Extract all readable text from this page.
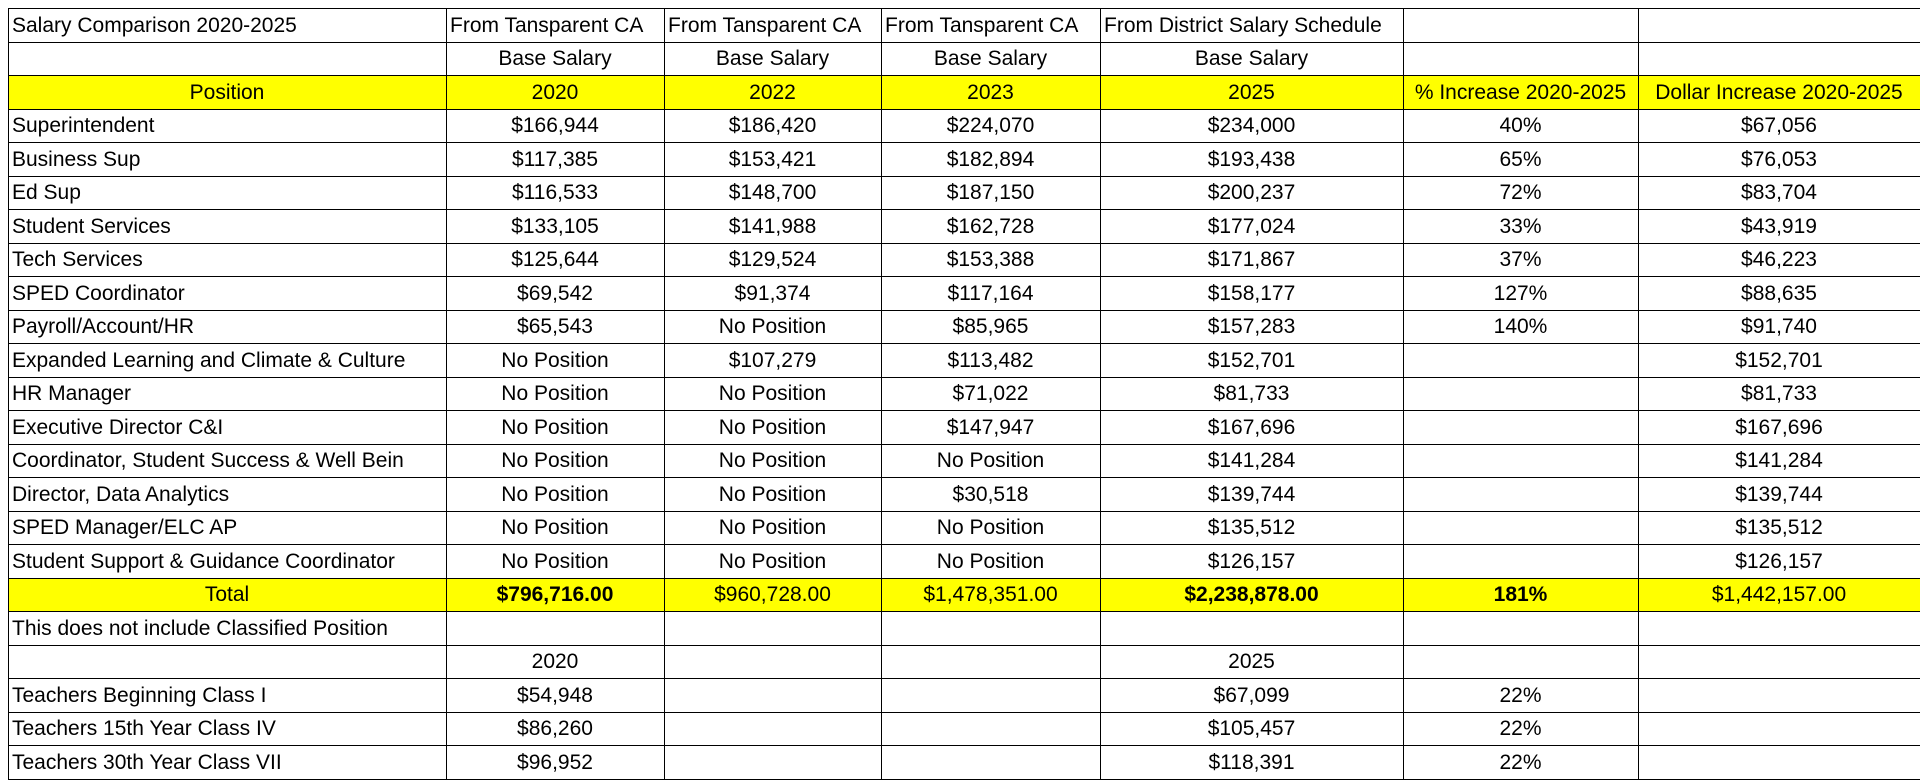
Salary Comparison 2020-2025	From Tansparent CA	From Tansparent CA	From Tansparent CA	From District Salary Schedule		
	Base Salary	Base Salary	Base Salary	Base Salary		
Position	2020	2022	2023	2025	% Increase 2020-2025	Dollar Increase 2020-2025
Superintendent	$166,944	$186,420	$224,070	$234,000	40%	$67,056
Business Sup	$117,385	$153,421	$182,894	$193,438	65%	$76,053
Ed Sup	$116,533	$148,700	$187,150	$200,237	72%	$83,704
Student Services	$133,105	$141,988	$162,728	$177,024	33%	$43,919
Tech Services	$125,644	$129,524	$153,388	$171,867	37%	$46,223
SPED Coordinator	$69,542	$91,374	$117,164	$158,177	127%	$88,635
Payroll/Account/HR	$65,543	No Position	$85,965	$157,283	140%	$91,740
Expanded Learning and Climate & Culture	No Position	$107,279	$113,482	$152,701		$152,701
HR Manager	No Position	No Position	$71,022	$81,733		$81,733
Executive Director C&I	No Position	No Position	$147,947	$167,696		$167,696
Coordinator, Student Success & Well Bein	No Position	No Position	No Position	$141,284		$141,284
Director, Data Analytics	No Position	No Position	$30,518	$139,744		$139,744
SPED Manager/ELC AP	No Position	No Position	No Position	$135,512		$135,512
Student Support & Guidance Coordinator	No Position	No Position	No Position	$126,157		$126,157
Total	$796,716.00	$960,728.00	$1,478,351.00	$2,238,878.00	181%	$1,442,157.00
This does not include Classified Position						
	2020			2025		
Teachers Beginning Class I	$54,948			$67,099	22%	
Teachers 15th Year Class IV	$86,260			$105,457	22%	
Teachers 30th Year Class VII	$96,952			$118,391	22%	
